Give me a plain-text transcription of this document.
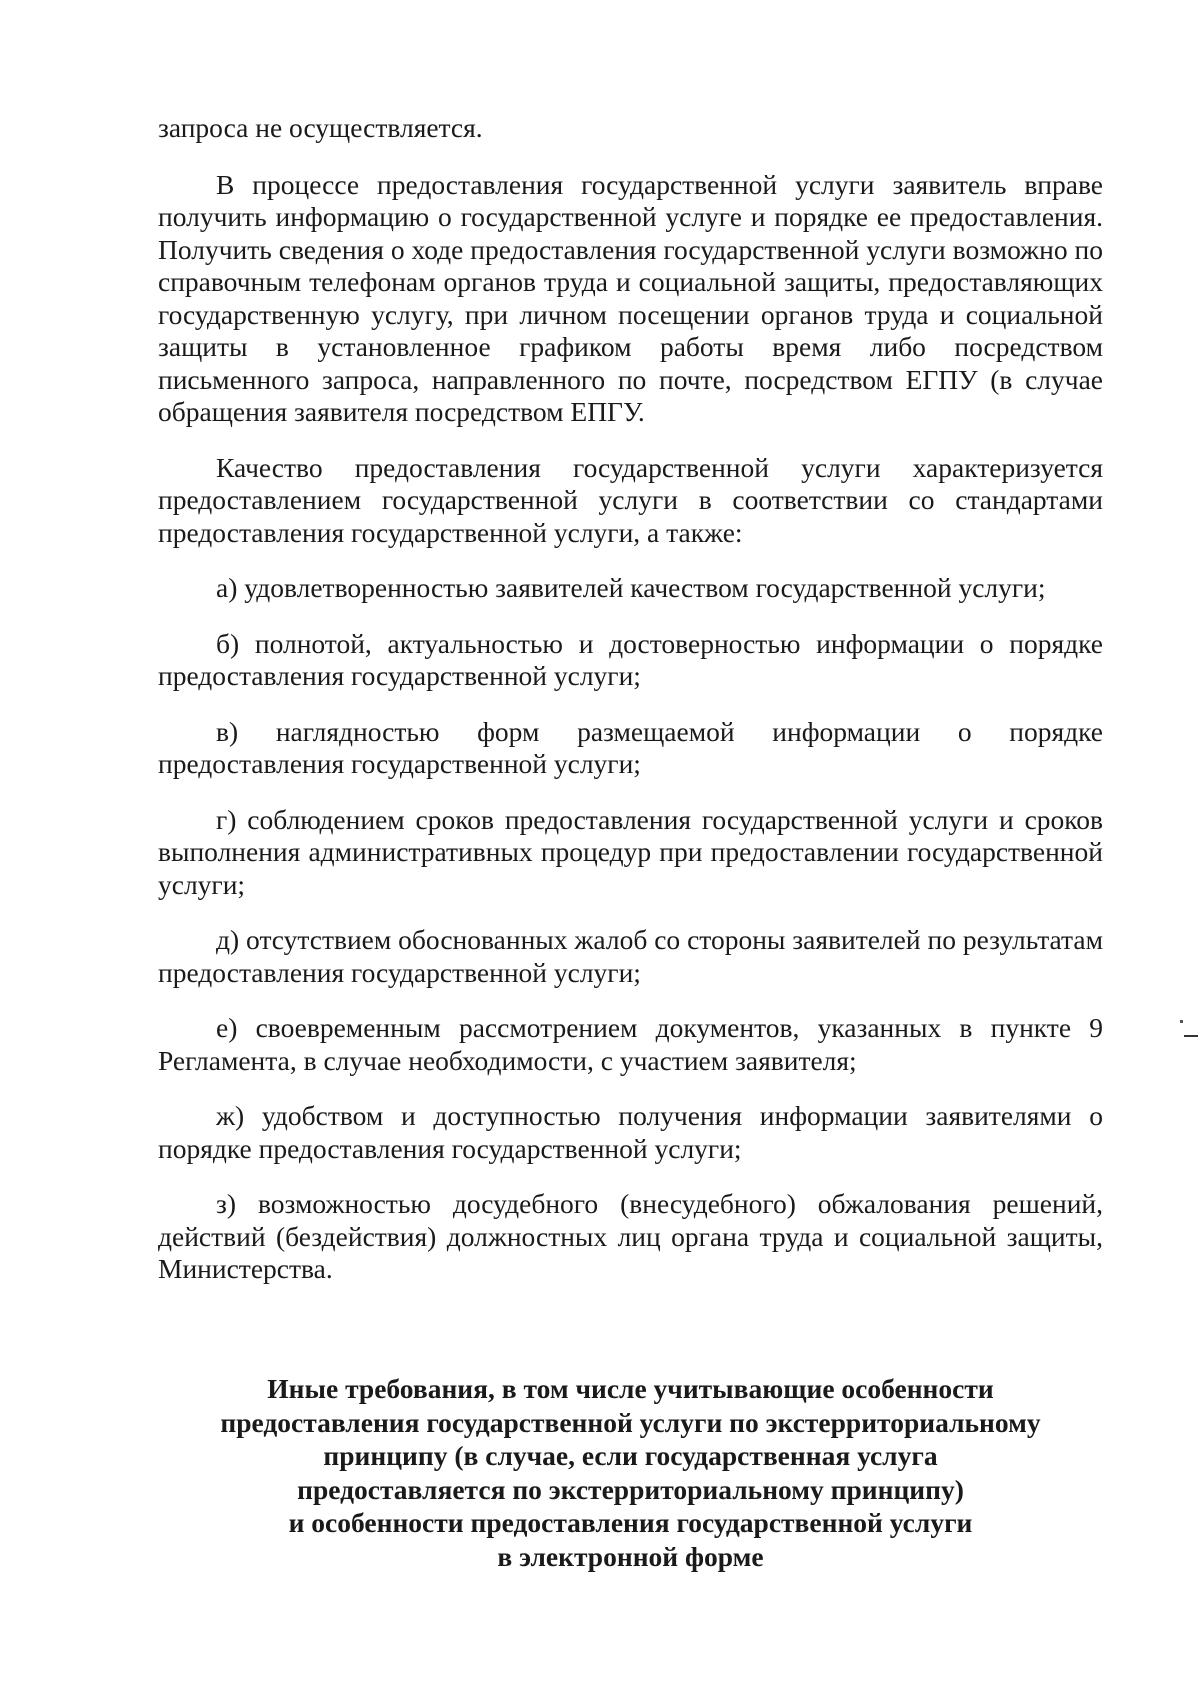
запроса не осуществляется.

В процессе предоставления государственной услуги заявитель вправе получить информацию о государственной услуге и порядке ее предоставления. Получить сведения о ходе предоставления государственной услуги возможно по справочным телефонам органов труда и социальной защиты, предоставляющих государственную услугу, при личном посещении органов труда и социальной защиты в установленное графиком работы время либо посредством письменного запроса, направленного по почте, посредством ЕГПУ (в случае обращения заявителя посредством ЕПГУ.

Качество предоставления государственной услуги характеризуется предоставлением государственной услуги в соответствии со стандартами предоставления государственной услуги, а также:

а) удовлетворенностью заявителей качеством государственной услуги;

б) полнотой, актуальностью и достоверностью информации о порядке предоставления государственной услуги;

в) наглядностью форм размещаемой информации о порядке предоставления государственной услуги;

г) соблюдением сроков предоставления государственной услуги и сроков выполнения административных процедур при предоставлении государственной услуги;

д) отсутствием обоснованных жалоб со стороны заявителей по результатам предоставления государственной услуги;

е) своевременным рассмотрением документов, указанных в пункте 9 Регламента, в случае необходимости, с участием заявителя;

ж) удобством и доступностью получения информации заявителями о порядке предоставления государственной услуги;

з) возможностью досудебного (внесудебного) обжалования решений, действий (бездействия) должностных лиц органа труда и социальной защиты, Министерства.

Иные требования, в том числе учитывающие особенности
предоставления государственной услуги по экстерриториальному
принципу (в случае, если государственная услуга
предоставляется по экстерриториальному принципу)
и особенности предоставления государственной услуги
в электронной форме
